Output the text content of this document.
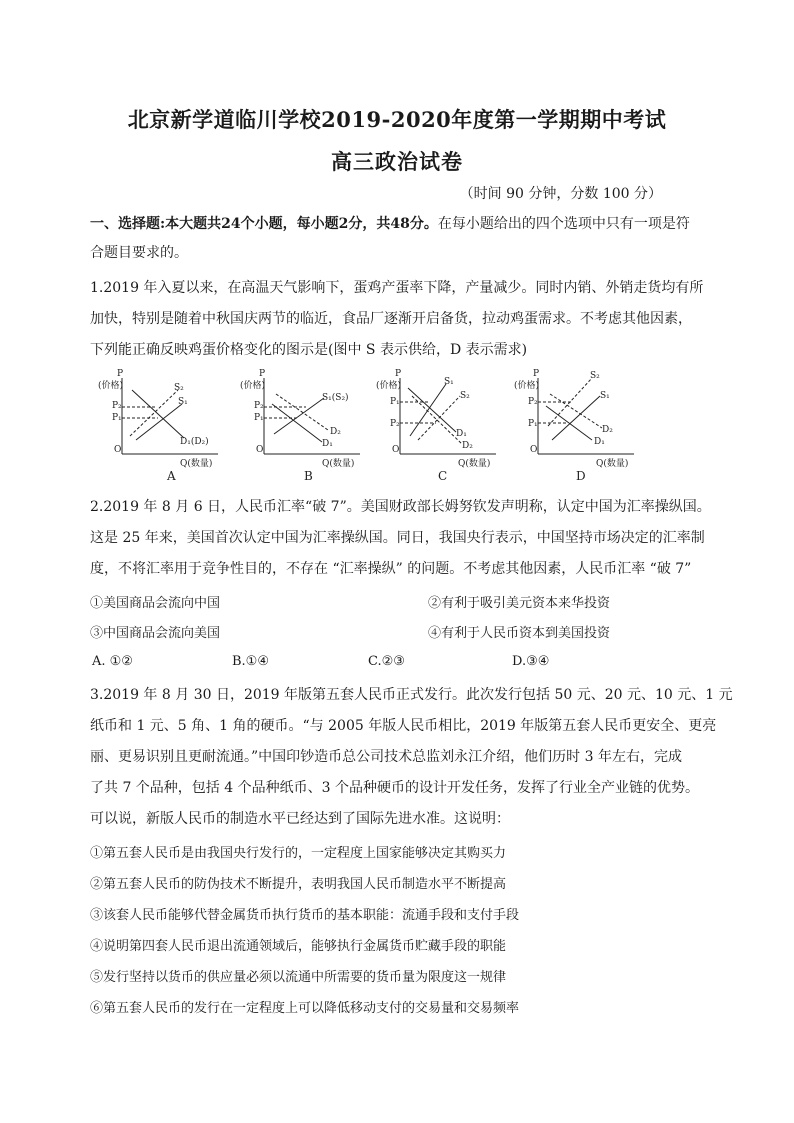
北京新学道临川学校2019-2020年度第一学期期中考试
高三政治试卷
（时间 90 分钟，分数 100 分）
一、选择题:本大题共24个小题，每小题2分，共48分。在每小题给出的四个选项中只有一项是符
合题目要求的。
1.2019 年入夏以来，在高温天气影响下，蛋鸡产蛋率下降，产量减少。同时内销、外销走货均有所
加快，特别是随着中秋国庆两节的临近，食品厂逐渐开启备货，拉动鸡蛋需求。不考虑其他因素，
下列能正确反映鸡蛋价格变化的图示是(图中 S 表示供给，D 表示需求)
P
(价格)
O
Q(数量)
P₂
P₁
S₂
S₁
D₁(D₂)
A
P
(价格)
O
Q(数量)
P₂
P₁
S₁(S₂)
D₂
D₁
B
P
(价格)
O
Q(数量)
P₁
P₂
S₁
S₂
D₁
D₂
C
P
(价格)
O
Q(数量)
P₂
P₁
S₂
S₁
D₂
D₁
D
2.2019 年 8 月 6 日，人民币汇率“破 7”。美国财政部长姆努钦发声明称，认定中国为汇率操纵国。
这是 25 年来，美国首次认定中国为汇率操纵国。同日，我国央行表示，中国坚持市场决定的汇率制
度，不将汇率用于竞争性目的，不存在 “汇率操纵” 的问题。不考虑其他因素，人民币汇率 “破 7”
①美国商品会流向中国	②有利于吸引美元资本来华投资
③中国商品会流向美国	④有利于人民币资本到美国投资
A. ①②	B.①④	C.②③	D.③④
3.2019 年 8 月 30 日，2019 年版第五套人民币正式发行。此次发行包括 50 元、20 元、10 元、1 元
纸币和 1 元、5 角、1 角的硬币。“与 2005 年版人民币相比，2019 年版第五套人民币更安全、更亮
丽、更易识别且更耐流通。”中国印钞造币总公司技术总监刘永江介绍，他们历时 3 年左右，完成
了共 7 个品种，包括 4 个品种纸币、3 个品种硬币的设计开发任务，发挥了行业全产业链的优势。
可以说，新版人民币的制造水平已经达到了国际先进水准。这说明：
①第五套人民币是由我国央行发行的，一定程度上国家能够决定其购买力
②第五套人民币的防伪技术不断提升，表明我国人民币制造水平不断提高
③该套人民币能够代替金属货币执行货币的基本职能：流通手段和支付手段
④说明第四套人民币退出流通领域后，能够执行金属货币贮藏手段的职能
⑤发行坚持以货币的供应量必须以流通中所需要的货币量为限度这一规律
⑥第五套人民币的发行在一定程度上可以降低移动支付的交易量和交易频率
